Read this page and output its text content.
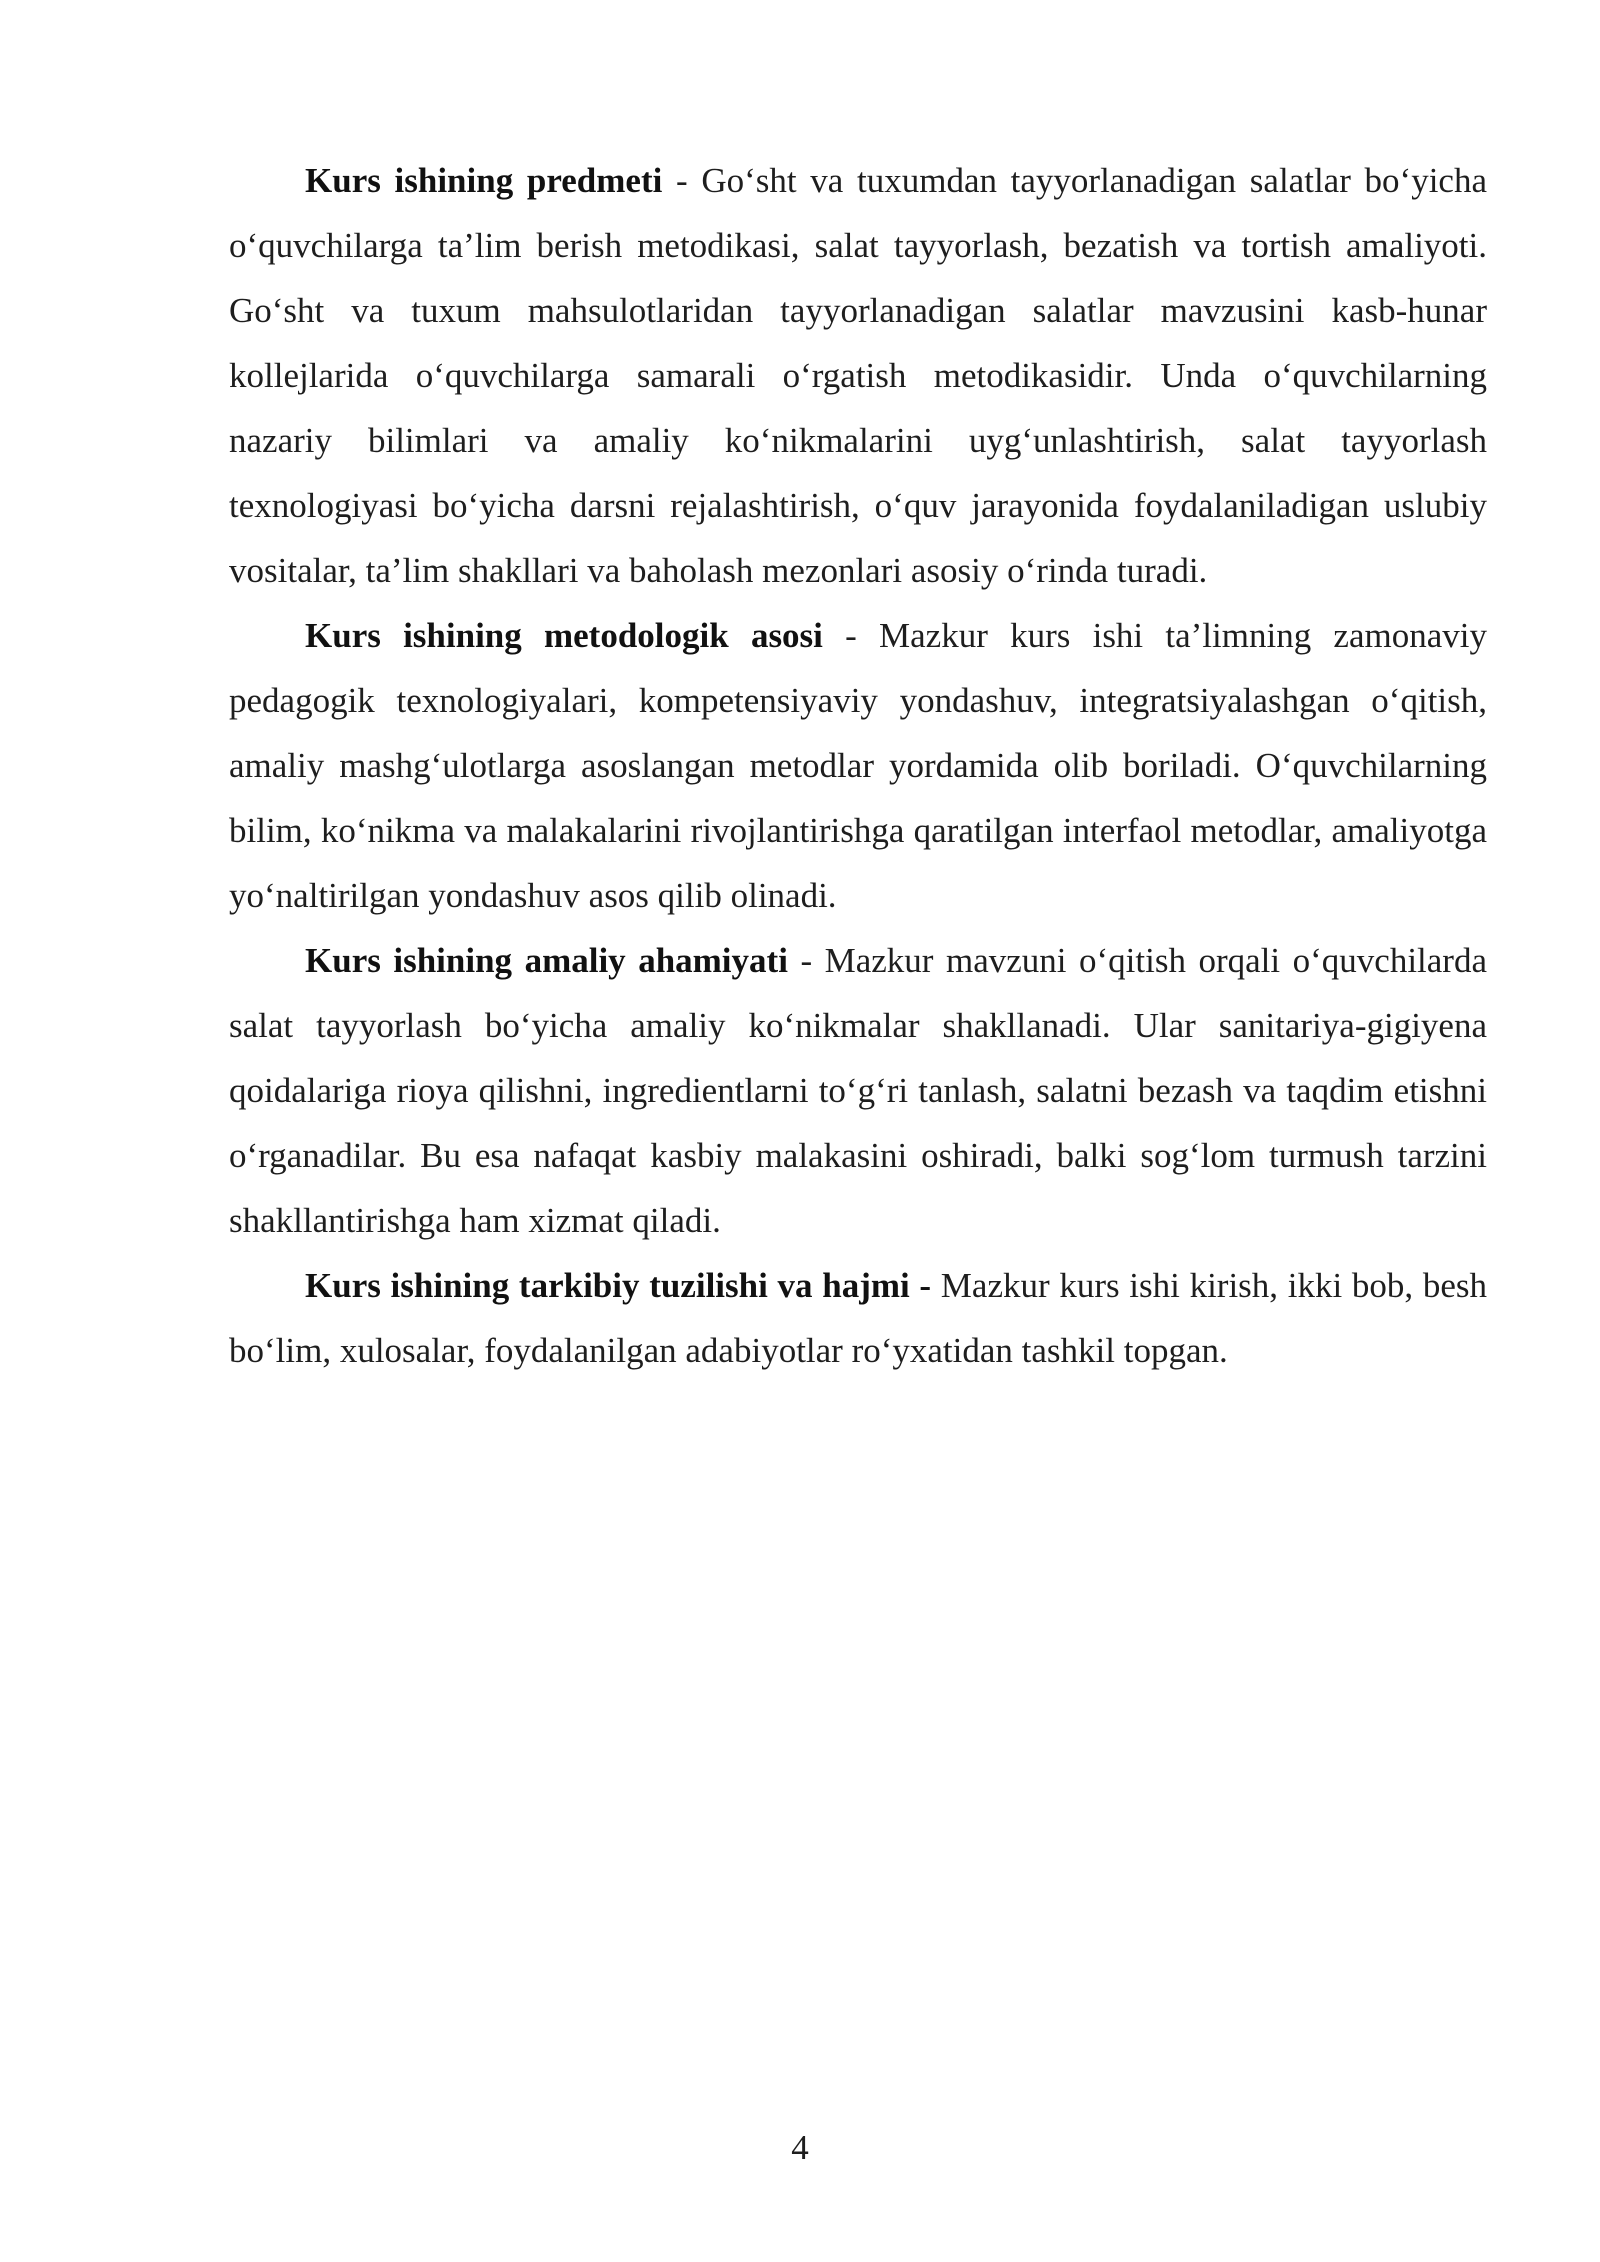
Kurs ishining predmeti - Go‘sht va tuxumdan tayyorlanadigan salatlar bo‘yicha o‘quvchilarga ta’lim berish metodikasi, salat tayyorlash, bezatish va tortish amaliyoti. Go‘sht va tuxum mahsulotlaridan tayyorlanadigan salatlar mavzusini kasb-hunar kollejlarida o‘quvchilarga samarali o‘rgatish metodikasidir. Unda o‘quvchilarning nazariy bilimlari va amaliy ko‘nikmalarini uyg‘unlashtirish, salat tayyorlash texnologiyasi bo‘yicha darsni rejalashtirish, o‘quv jarayonida foydalaniladigan uslubiy vositalar, ta’lim shakllari va baholash mezonlari asosiy o‘rinda turadi.

Kurs ishining metodologik asosi - Mazkur kurs ishi ta’limning zamonaviy pedagogik texnologiyalari, kompetensiyaviy yondashuv, integratsiyalashgan o‘qitish, amaliy mashg‘ulotlarga asoslangan metodlar yordamida olib boriladi. O‘quvchilarning bilim, ko‘nikma va malakalarini rivojlantirishga qaratilgan interfaol metodlar, amaliyotga yo‘naltirilgan yondashuv asos qilib olinadi.

Kurs ishining amaliy ahamiyati - Mazkur mavzuni o‘qitish orqali o‘quvchilarda salat tayyorlash bo‘yicha amaliy ko‘nikmalar shakllanadi. Ular sanitariya-gigiyena qoidalariga rioya qilishni, ingredientlarni to‘g‘ri tanlash, salatni bezash va taqdim etishni o‘rganadilar. Bu esa nafaqat kasbiy malakasini oshiradi, balki sog‘lom turmush tarzini shakllantirishga ham xizmat qiladi.

Kurs ishining tarkibiy tuzilishi va hajmi - Mazkur kurs ishi kirish, ikki bob, besh bo‘lim, xulosalar, foydalanilgan adabiyotlar ro‘yxatidan tashkil topgan.

4
